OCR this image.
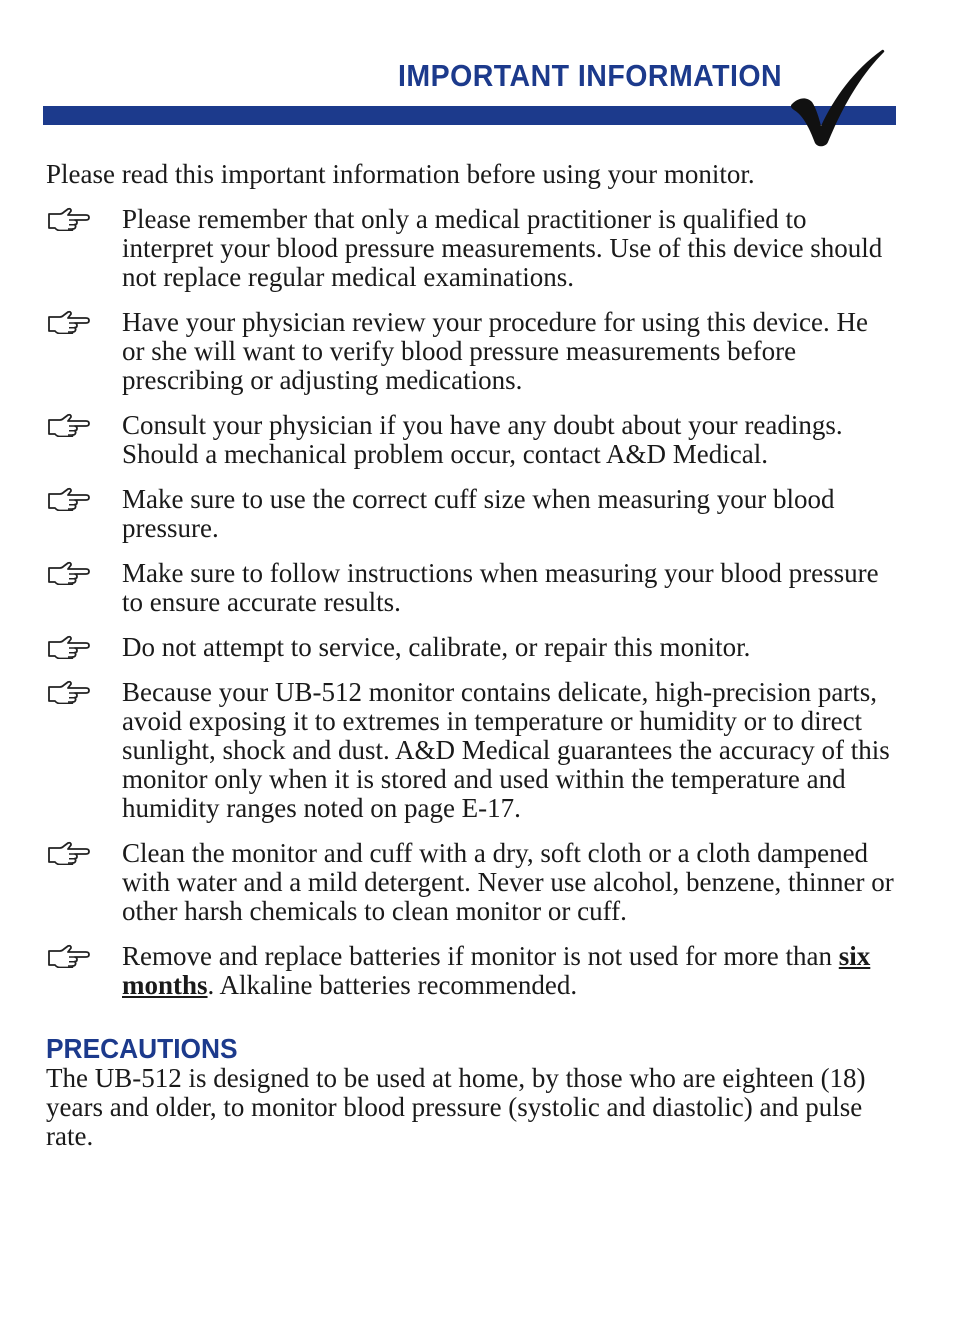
IMPORTANT INFORMATION

Please read this important information before using your monitor.

Please remember that only a medical practitioner is qualified to interpret your blood pressure measurements. Use of this device should not replace regular medical examinations.
Have your physician review your procedure for using this device. He or she will want to verify blood pressure measurements before prescribing or adjusting medications.
Consult your physician if you have any doubt about your readings. Should a mechanical problem occur, contact A&D Medical.
Make sure to use the correct cuff size when measuring your blood pressure.
Make sure to follow instructions when measuring your blood pressure to ensure accurate results.
Do not attempt to service, calibrate, or repair this monitor.
Because your UB-512 monitor contains delicate, high-precision parts, avoid exposing it to extremes in temperature or humidity or to direct sunlight, shock and dust. A&D Medical guarantees the accuracy of this monitor only when it is stored and used within the temperature and humidity ranges noted on page E-17.
Clean the monitor and cuff with a dry, soft cloth or a cloth dampened with water and a mild detergent. Never use alcohol, benzene, thinner or other harsh chemicals to clean monitor or cuff.
Remove and replace batteries if monitor is not used for more than six months. Alkaline batteries recommended.
PRECAUTIONS

The UB-512 is designed to be used at home, by those who are eighteen (18) years and older, to monitor blood pressure (systolic and diastolic) and pulse rate.
